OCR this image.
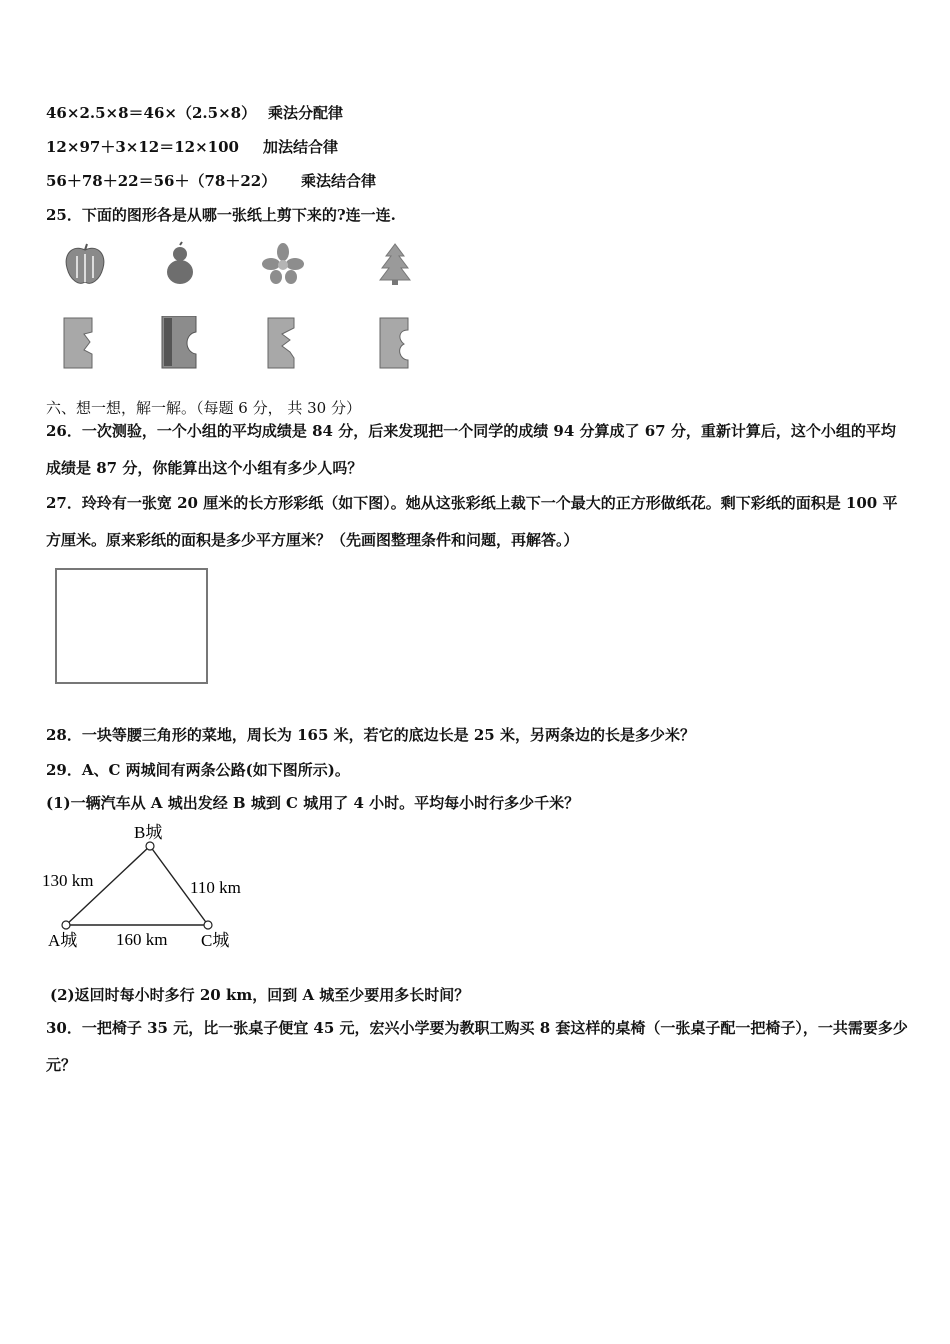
46×2.5×8＝46×（2.5×8） 乘法分配律
12×97＋3×12＝12×100 加法结合律
56＋78＋22＝56＋（78＋22） 乘法结合律
25．下面的图形各是从哪一张纸上剪下来的?连一连.
六、想一想，解一解。（每题 6 分， 共 30 分）
26．一次测验，一个小组的平均成绩是 84 分，后来发现把一个同学的成绩 94 分算成了 67 分，重新计算后，这个小组的平均成绩是 87 分，你能算出这个小组有多少人吗？
27．玲玲有一张宽 20 厘米的长方形彩纸（如下图）。她从这张彩纸上裁下一个最大的正方形做纸花。剩下彩纸的面积是 100 平方厘米。原来彩纸的面积是多少平方厘米？（先画图整理条件和问题，再解答。）
28．一块等腰三角形的菜地，周长为 165 米，若它的底边长是 25 米，另两条边的长是多少米？
29．A、C 两城间有两条公路(如下图所示)。
(1)一辆汽车从 A 城出发经 B 城到 C 城用了 4 小时。平均每小时行多少千米？
B城
A城	C城
130 km	110 km
160 km
(2)返回时每小时多行 20 km，回到 A 城至少要用多长时间？
30．一把椅子 35 元，比一张桌子便宜 45 元，宏兴小学要为教职工购买 8 套这样的桌椅（一张桌子配一把椅子），一共需要多少元？
